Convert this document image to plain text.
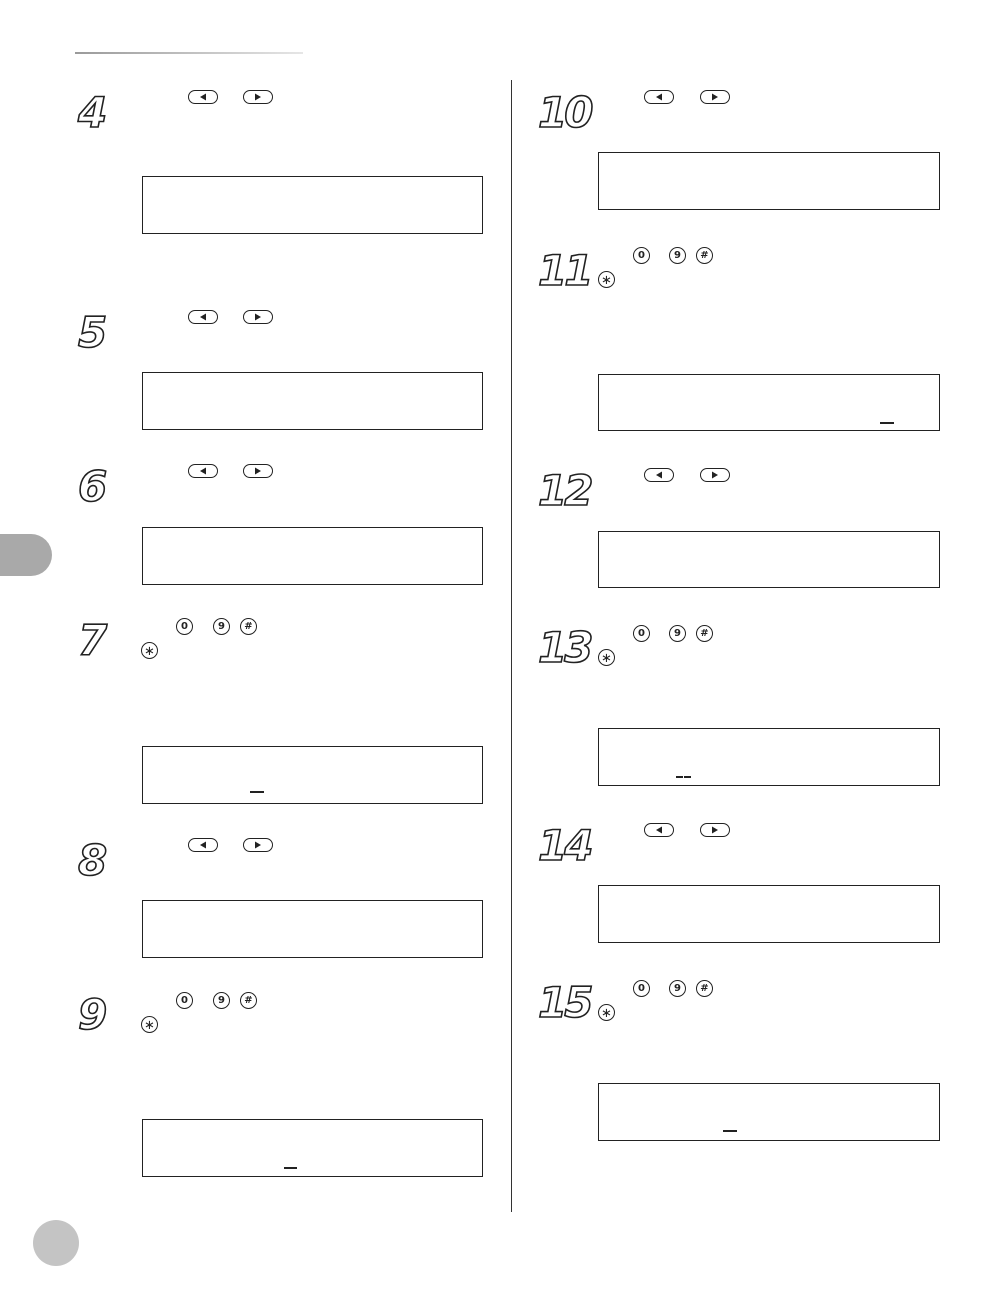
4
5
6
7	0	9	#
∗
8
9	0	9	#
∗
10
11	0	9	#
∗
12
13	0	9	#
∗
14
15	0	9	#
∗
